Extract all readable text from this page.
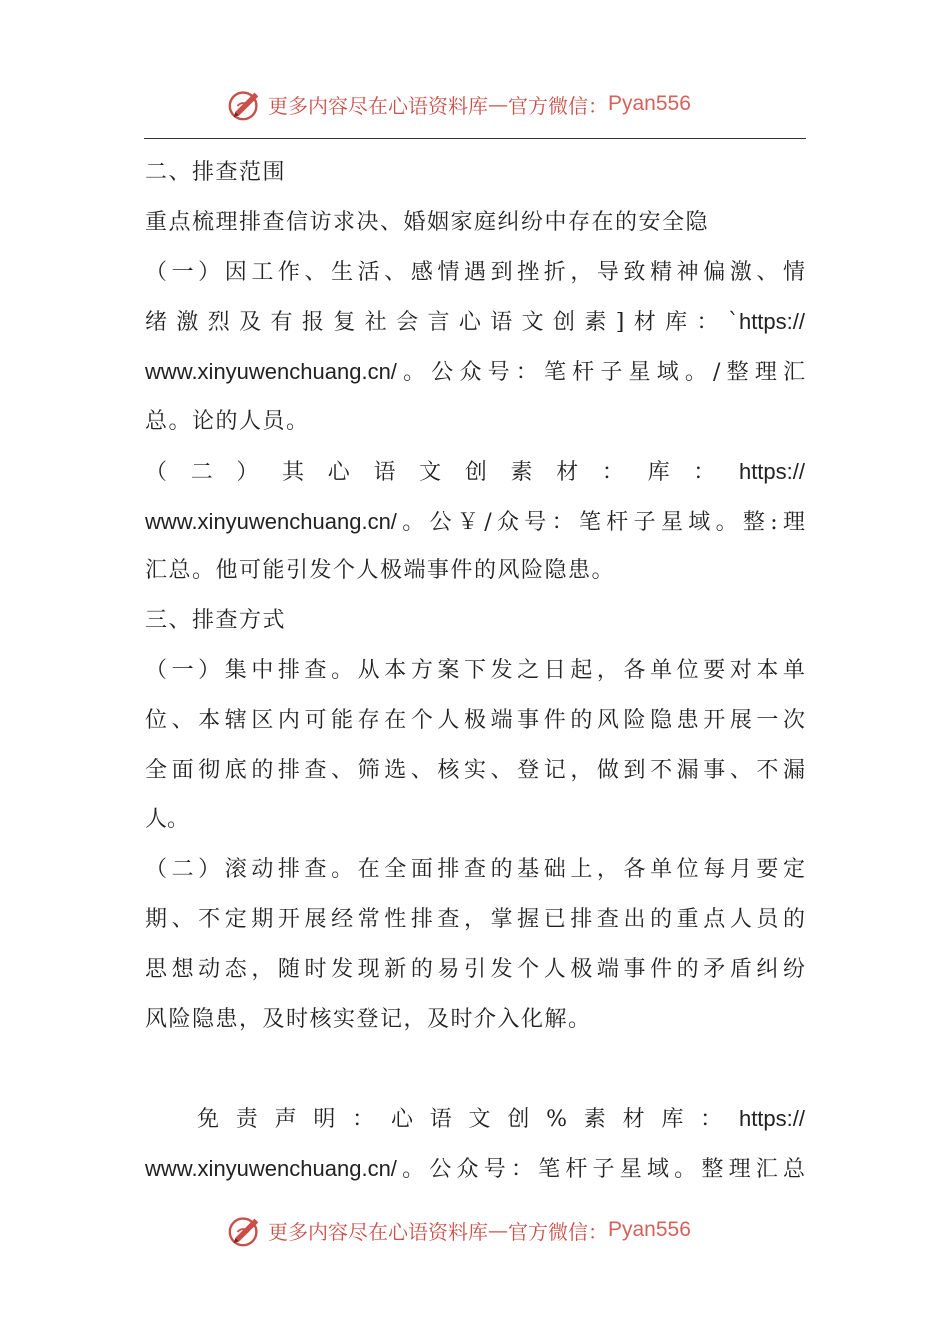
更多内容尽在心语资料库 — 官方微信： Pyan556
二、排查范围
重点梳理排查信访求决、婚姻家庭纠纷中存在的安全隐
（一）因工作、生活、感情遇到挫折，导致精神偏激、情
绪激烈及有报复社会言心语文创素]材库：`https://
www.xinyuwenchuang.cn/。公众号：笔杆子星域。/整理汇
总。论的人员。
（二）其心语文创素材：库：https://
www.xinyuwenchuang.cn/。公￥/众号：笔杆子星域。整:理
汇总。他可能引发个人极端事件的风险隐患。
三、排查方式
（一）集中排查。从本方案下发之日起，各单位要对本单
位、本辖区内可能存在个人极端事件的风险隐患开展一次
全面彻底的排查、筛选、核实、登记，做到不漏事、不漏
人。
（二）滚动排查。在全面排查的基础上，各单位每月要定
期、不定期开展经常性排查，掌握已排查出的重点人员的
思想动态，随时发现新的易引发个人极端事件的矛盾纠纷
风险隐患，及时核实登记，及时介入化解。
免责声明：心语文创%素材库：https://
www.xinyuwenchuang.cn/。公众号：笔杆子星域。整理汇总
更多内容尽在心语资料库 — 官方微信： Pyan556
